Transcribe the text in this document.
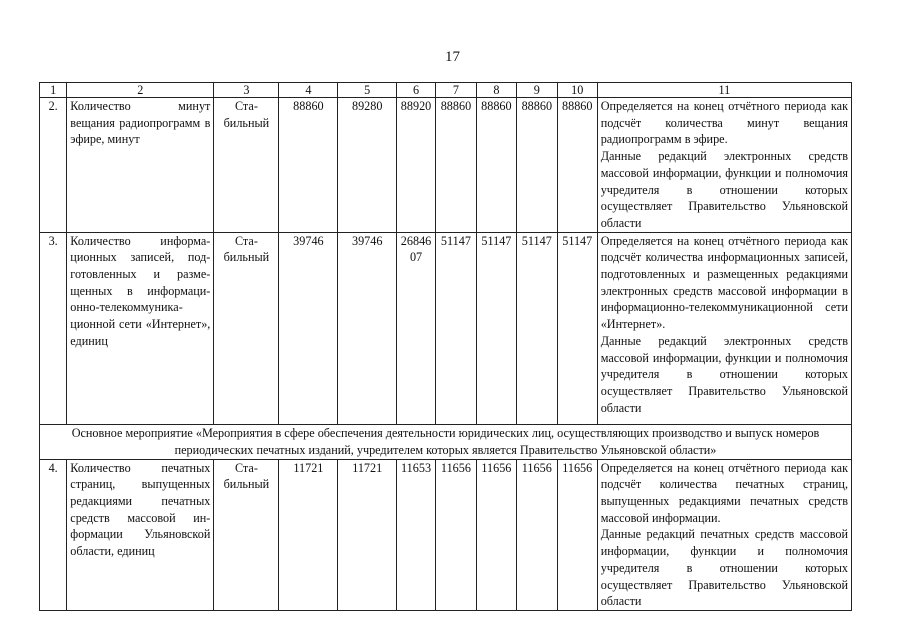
17
1	2	3	4	5	6	7	8	9	10	11
2.	Количество минут вещания радиопрограмм в эфире, минут	Стабильный	88860	89280	88920	88860	88860	88860	88860	Определяется на конец отчётного периода как подсчёт количества минут вещания радиопрограмм в эфире.
Данные редакций электронных средств массовой информации, функции и полномочия учредителя в отношении которых осуществляет Правительство Ульяновской области

3.	Количество информационных записей, подготовленных и размещенных в информационно-телекоммуникационной сети «Интернет», единиц	Стабильный	39746	39746	26846 07	51147	51147	51147	51147	Определяется на конец отчётного периода как подсчёт количества информационных записей, подготовленных и размещенных редакциями электронных средств массовой информации в информационно-телекоммуникационной сети «Интернет».
Данные редакций электронных средств массовой информации, функции и полномочия учредителя в отношении которых осуществляет Правительство Ульяновской области

Основное мероприятие «Мероприятия в сфере обеспечения деятельности юридических лиц, осуществляющих производство и выпуск номеров периодических печатных изданий, учредителем которых является Правительство Ульяновской области»										
4.	Количество печатных страниц, выпущенных редакциями печатных средств массовой информации Ульяновской области, единиц	Стабильный	11721	11721	11653	11656	11656	11656	11656	Определяется на конец отчётного периода как подсчёт количества печатных страниц, выпущенных редакциями печатных средств массовой информации.
Данные редакций печатных средств массовой информации, функции и полномочия учредителя в отношении которых осуществляет Правительство Ульяновской области
